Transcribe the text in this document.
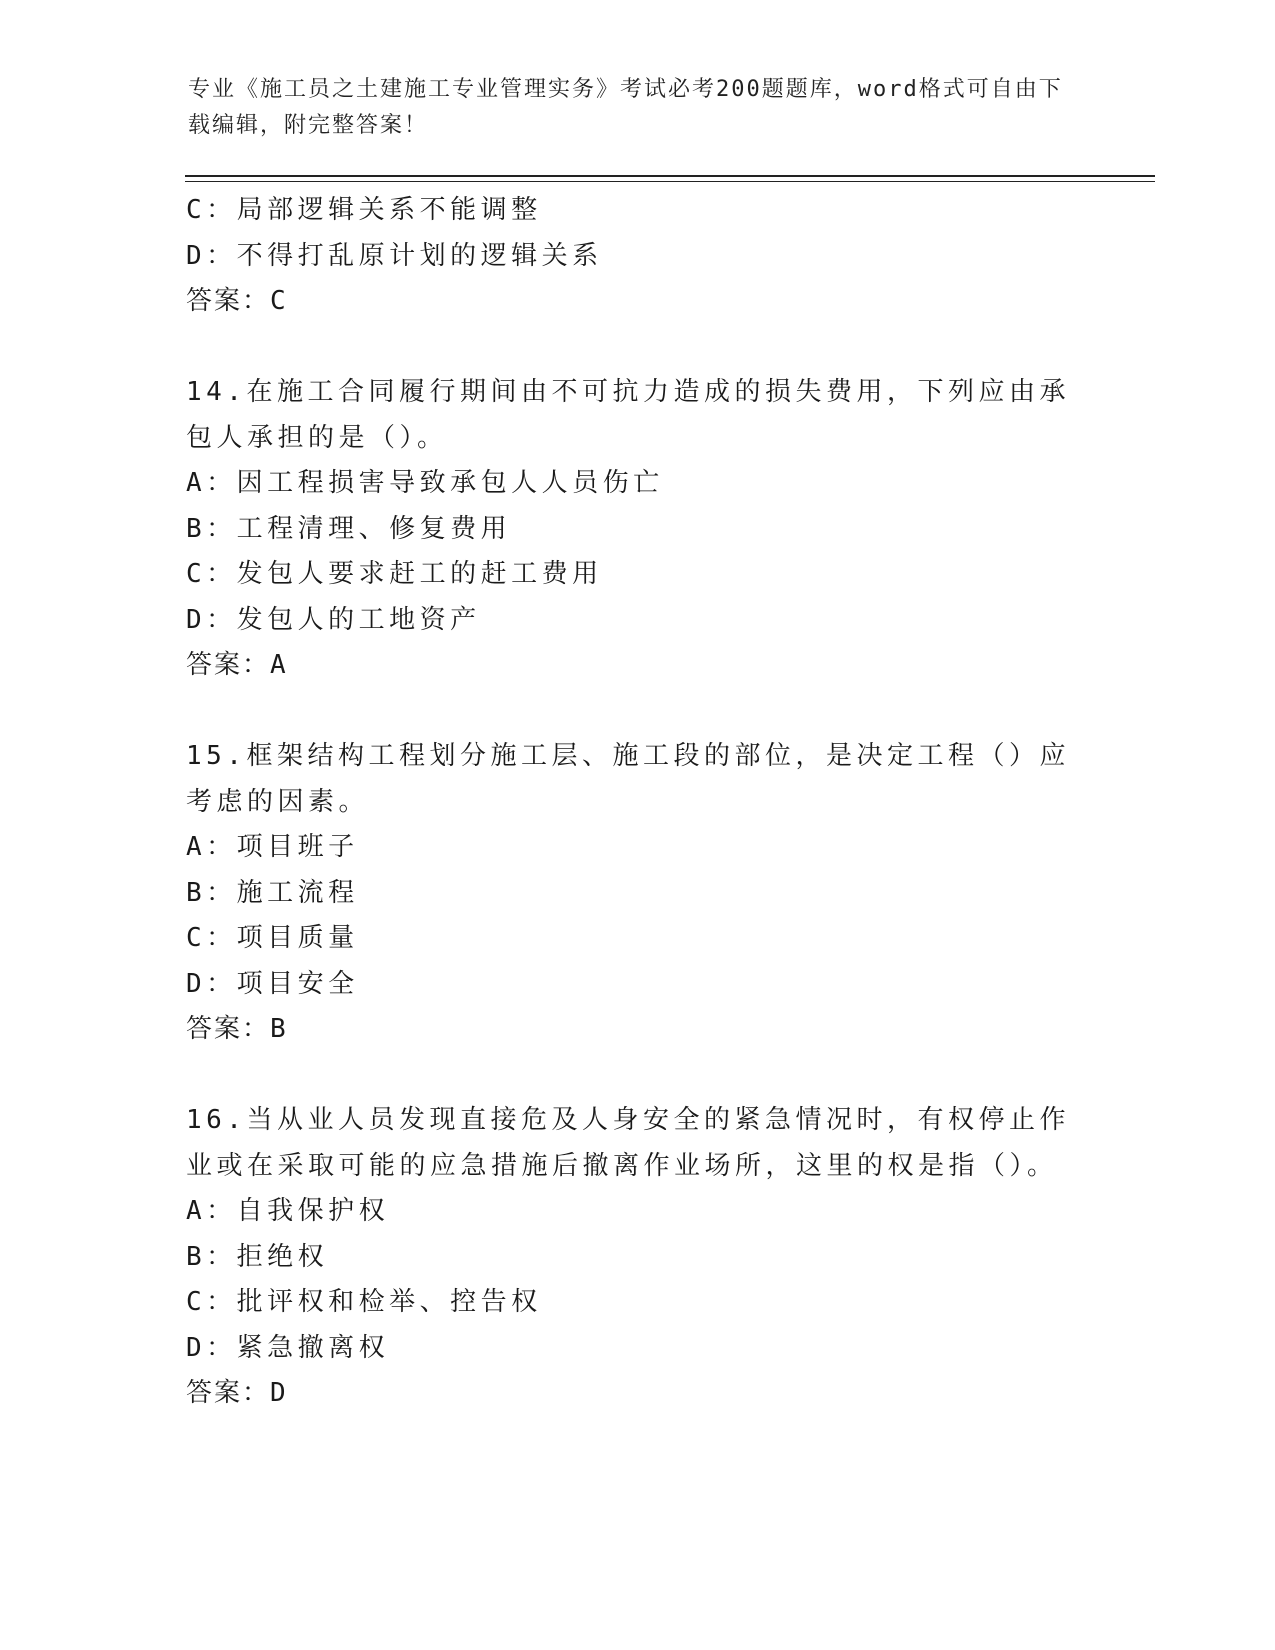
专业《施工员之土建施工专业管理实务》考试必考200题题库，word格式可自由下载编辑，附完整答案！
C：局部逻辑关系不能调整
D：不得打乱原计划的逻辑关系
答案：C
14.在施工合同履行期间由不可抗力造成的损失费用，下列应由承包人承担的是（）。
A：因工程损害导致承包人人员伤亡
B：工程清理、修复费用
C：发包人要求赶工的赶工费用
D：发包人的工地资产
答案：A
15.框架结构工程划分施工层、施工段的部位，是决定工程（）应考虑的因素。
A：项目班子
B：施工流程
C：项目质量
D：项目安全
答案：B
16.当从业人员发现直接危及人身安全的紧急情况时，有权停止作业或在采取可能的应急措施后撤离作业场所，这里的权是指（）。
A：自我保护权
B：拒绝权
C：批评权和检举、控告权
D：紧急撤离权
答案：D
